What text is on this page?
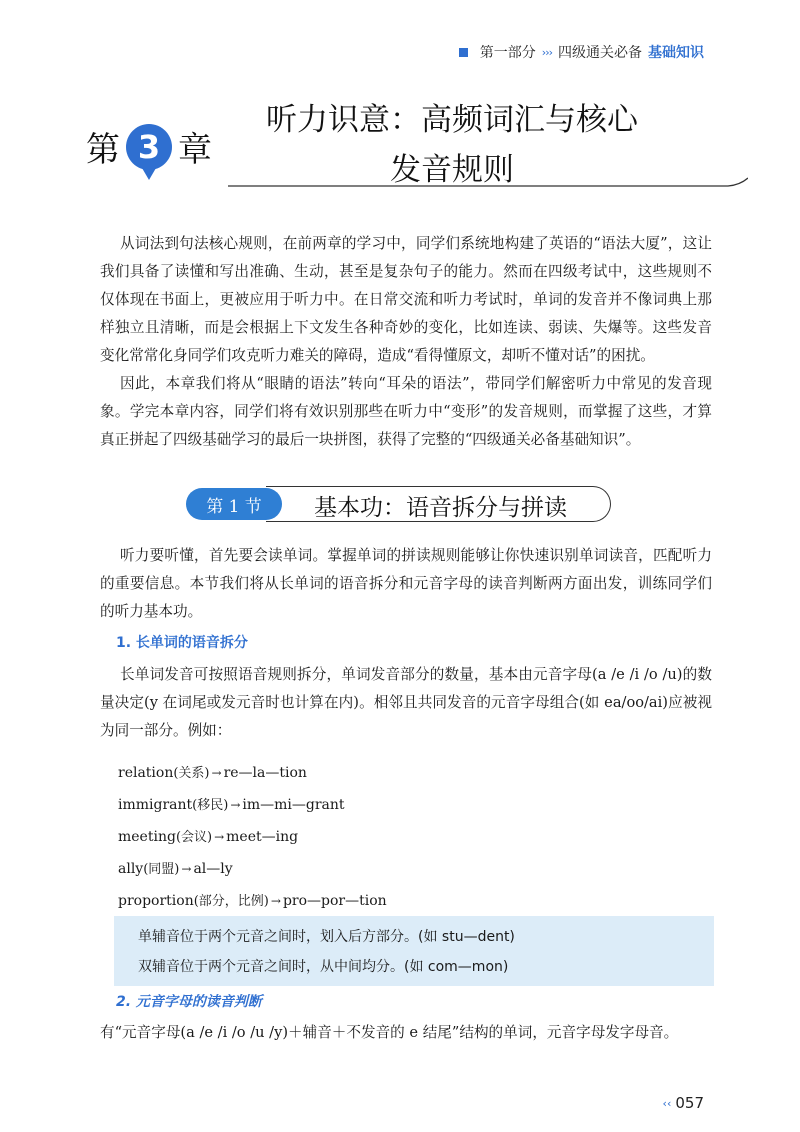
第一部分 ››› 四级通关必备 基础知识
第 3 章
听力识意：高频词汇与核心
发音规则

从词法到句法核心规则，在前两章的学习中，同学们系统地构建了英语的“语法大厦”，这让我们具备了读懂和写出准确、生动，甚至是复杂句子的能力。然而在四级考试中，这些规则不仅体现在书面上，更被应用于听力中。在日常交流和听力考试时，单词的发音并不像词典上那样独立且清晰，而是会根据上下文发生各种奇妙的变化，比如连读、弱读、失爆等。这些发音变化常常化身同学们攻克听力难关的障碍，造成“看得懂原文，却听不懂对话”的困扰。

因此，本章我们将从“眼睛的语法”转向“耳朵的语法”，带同学们解密听力中常见的发音现象。学完本章内容，同学们将有效识别那些在听力中“变形”的发音规则，而掌握了这些，才算真正拼起了四级基础学习的最后一块拼图，获得了完整的“四级通关必备基础知识”。

第 1 节	基本功：语音拆分与拼读

听力要听懂，首先要会读单词。掌握单词的拼读规则能够让你快速识别单词读音，匹配听力的重要信息。本节我们将从长单词的语音拆分和元音字母的读音判断两方面出发，训练同学们的听力基本功。

1. 长单词的语音拆分

长单词发音可按照语音规则拆分，单词发音部分的数量，基本由元音字母(a /e /i /o /u)的数量决定(y 在词尾或发元音时也计算在内)。相邻且共同发音的元音字母组合(如 ea/oo/ai)应被视为同一部分。例如：

relation(关系) → re—la—tion
immigrant(移民) → im—mi—grant
meeting(会议) → meet—ing
ally(同盟) → al—ly
proportion(部分，比例) → pro—por—tion
单辅音位于两个元音之间时，划入后方部分。(如 stu—dent)
双辅音位于两个元音之间时，从中间均分。(如 com—mon)

2. 元音字母的读音判断

有“元音字母(a /e /i /o /u /y)＋辅音＋不发音的 e 结尾”结构的单词，元音字母发字母音。

‹‹ 057
